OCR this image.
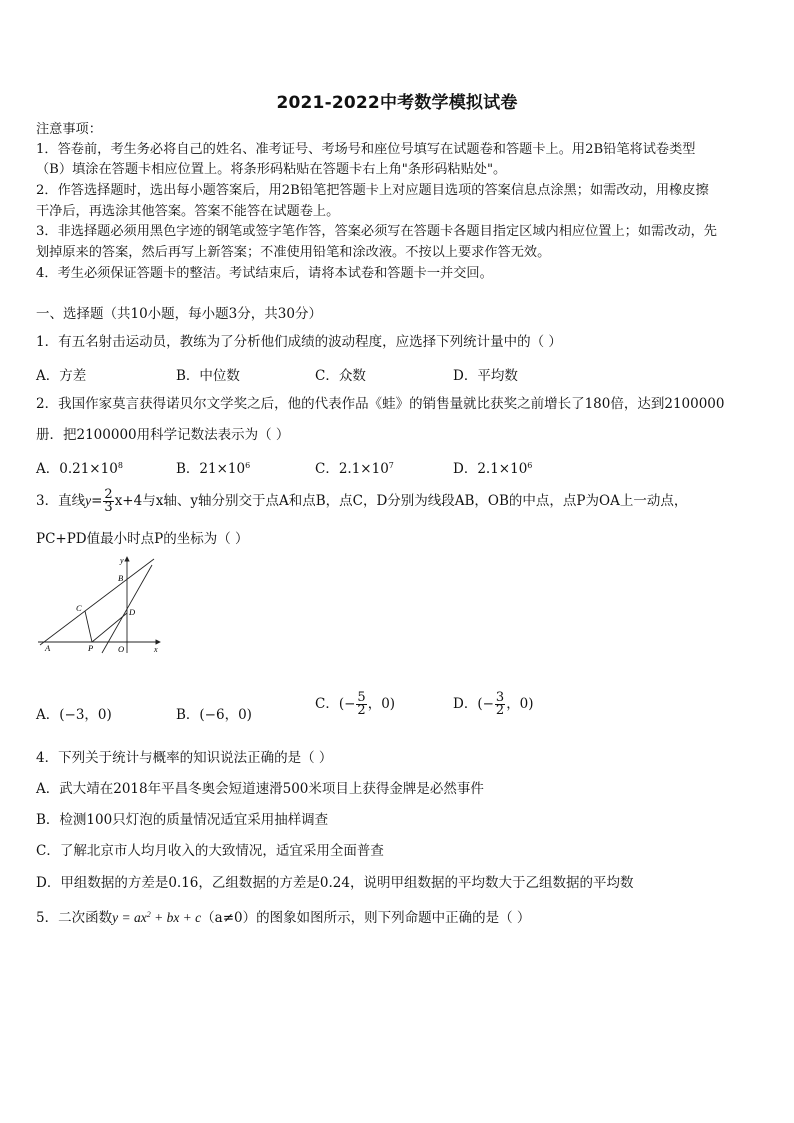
2021-2022中考数学模拟试卷
注意事项：
1．答卷前，考生务必将自己的姓名、准考证号、考场号和座位号填写在试题卷和答题卡上。用2B铅笔将试卷类型
（B）填涂在答题卡相应位置上。将条形码粘贴在答题卡右上角"条形码粘贴处"。
2．作答选择题时，选出每小题答案后，用2B铅笔把答题卡上对应题目选项的答案信息点涂黑；如需改动，用橡皮擦
干净后，再选涂其他答案。答案不能答在试题卷上。
3．非选择题必须用黑色字迹的钢笔或签字笔作答，答案必须写在答题卡各题目指定区域内相应位置上；如需改动，先
划掉原来的答案，然后再写上新答案；不准使用铅笔和涂改液。不按以上要求作答无效。
4．考生必须保证答题卡的整洁。考试结束后，请将本试卷和答题卡一并交回。
一、选择题（共10小题，每小题3分，共30分）
1．有五名射击运动员，教练为了分析他们成绩的波动程度，应选择下列统计量中的（ ）
A．方差	B．中位数	C．众数	D．平均数
2．我国作家莫言获得诺贝尔文学奖之后，他的代表作品《蛙》的销售量就比获奖之前增长了180倍，达到2100000
册．把2100000用科学记数法表示为（ ）
A．$0.21\times 10^8$	B．$21\times 10^6$	C．$2.1\times 10^7$	D．$2.1\times 10^6$
3．直线$y= \frac{2}{3} x+4$与x轴、y轴分别交于点A和点B，点C，D分别为线段AB，OB的中点，点P为OA上一动点，
PC+PD值最小时点P的坐标为（ ）
y
x
B
C	D
A	P	O
A．(−3，0)	B．(−6，0)
C．(− $\frac{5}{2}$ ，0)	D．(− $\frac{3}{2}$ ，0)
4．下列关于统计与概率的知识说法正确的是（ ）
A．武大靖在2018年平昌冬奥会短道速滑500米项目上获得金牌是必然事件
B．检测100只灯泡的质量情况适宜采用抽样调查
C．了解北京市人均月收入的大致情况，适宜采用全面普查
D．甲组数据的方差是0.16，乙组数据的方差是0.24，说明甲组数据的平均数大于乙组数据的平均数
5．二次函数$y = ax^2$ + bx + c（a≠0）的图象如图所示，则下列命题中正确的是（ ）
